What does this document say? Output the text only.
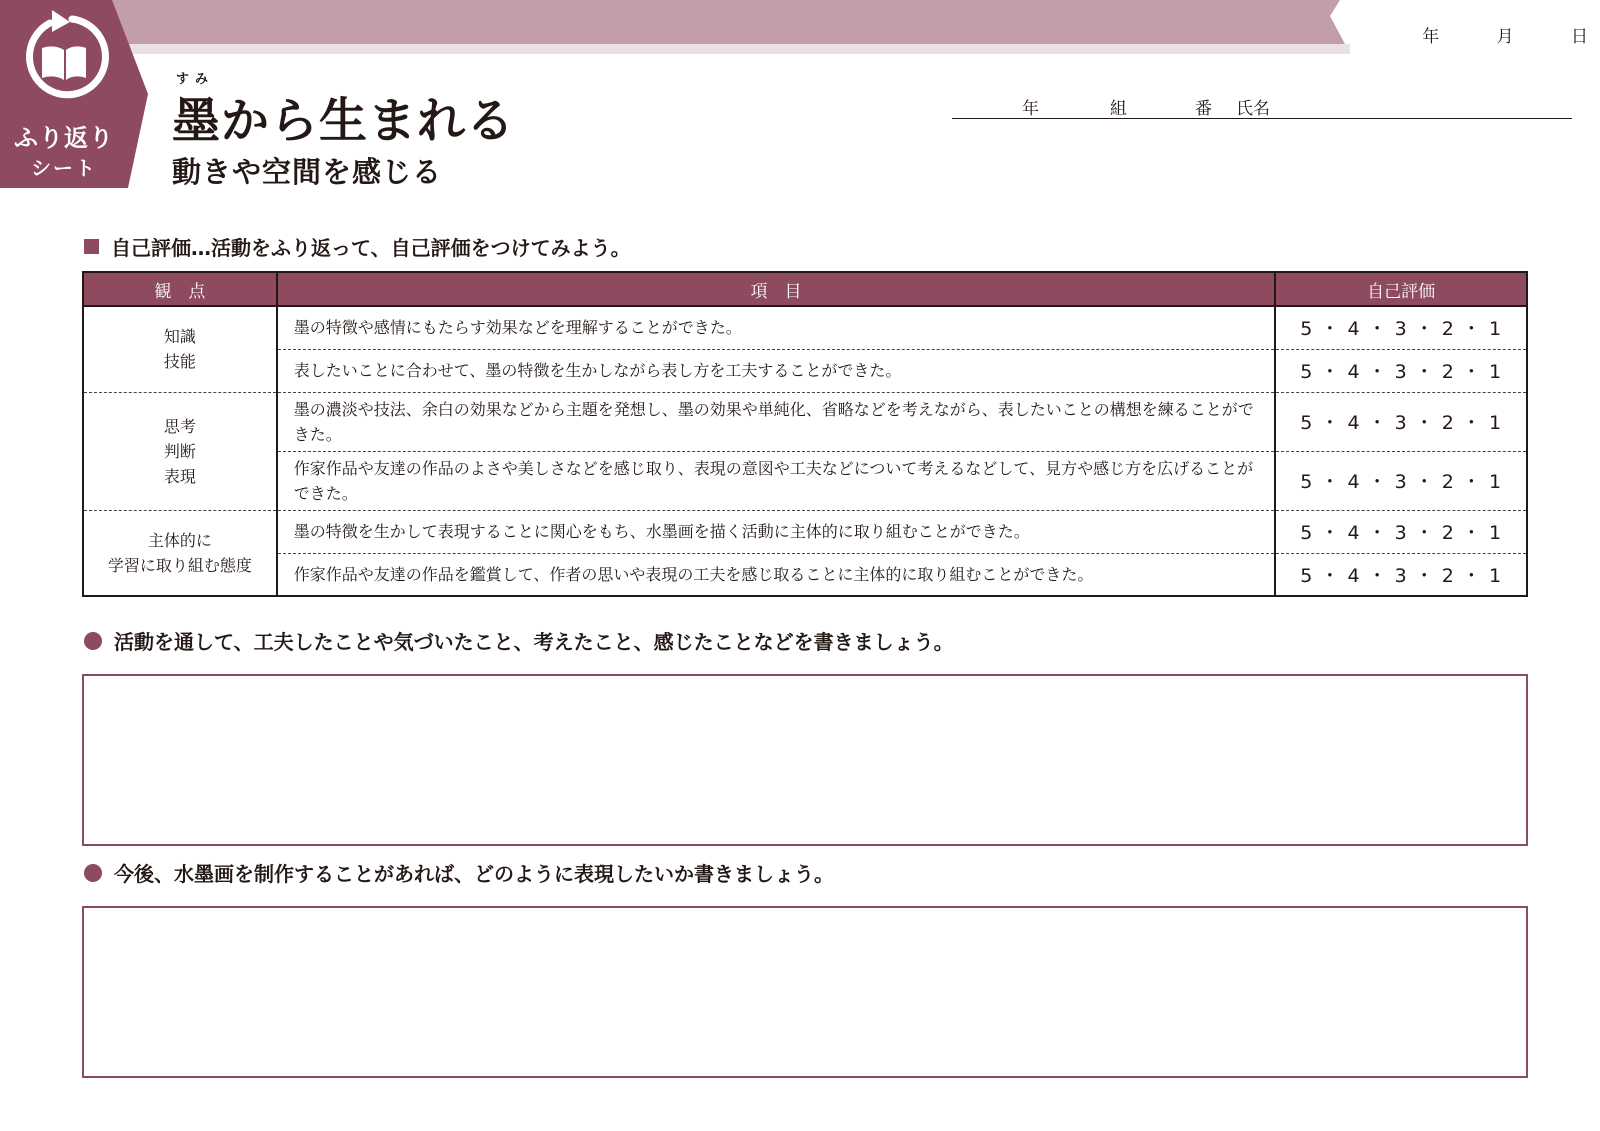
ふり返り
シート
年	月	日
すみ
墨から生まれる
動きや空間を感じる
年	組	番 氏名
自己評価…活動をふり返って、自己評価をつけてみよう。
観　点	項　目	自己評価

知識
技能	墨の特徴や感情にもたらす効果などを理解することができた。	5 ・ 4 ・ 3 ・ 2 ・ 1
	表したいことに合わせて、墨の特徴を生かしながら表し方を工夫することができた。	5 ・ 4 ・ 3 ・ 2 ・ 1

思考
判断
表現	墨の濃淡や技法、余白の効果などから主題を発想し、墨の効果や単純化、省略などを考えながら、表したいことの構想を練ることができた。	5 ・ 4 ・ 3 ・ 2 ・ 1
	作家作品や友達の作品のよさや美しさなどを感じ取り、表現の意図や工夫などについて考えるなどして、見方や感じ方を広げることができた。	5 ・ 4 ・ 3 ・ 2 ・ 1

主体的に
学習に取り組む態度	墨の特徴を生かして表現することに関心をもち、水墨画を描く活動に主体的に取り組むことができた。	5 ・ 4 ・ 3 ・ 2 ・ 1
	作家作品や友達の作品を鑑賞して、作者の思いや表現の工夫を感じ取ることに主体的に取り組むことができた。	5 ・ 4 ・ 3 ・ 2 ・ 1
活動を通して、工夫したことや気づいたこと、考えたこと、感じたことなどを書きましょう。
今後、水墨画を制作することがあれば、どのように表現したいか書きましょう。
